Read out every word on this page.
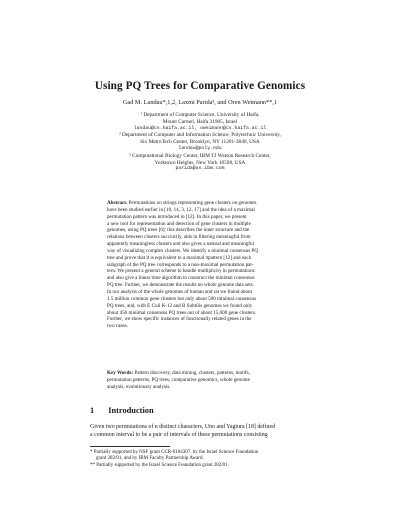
Using PQ Trees for Comparative Genomics
Gad M. Landau*,1,2, Laxmi Parida³, and Oren Weimann**,1
¹ Department of Computer Science, University of Haifa,
Mount Carmel, Haifa 31905, Israel
landau@cs.haifa.ac.il, oweimann@cs.haifa.ac.il
² Department of Computer and Information Science, Polytechnic University,
Six MetroTech Center, Brooklyn, NY 11201-3840, USA
landau@poly.edu
³ Computational Biology Center, IBM TJ Watson Research Center,
Yorktown Heights, New York 10598, USA
parida@us.ibm.com
Abstract. Permutations on strings representing gene clusters on genomes
have been studied earlier in [18, 14, 3, 12, 17] and the idea of a maximal
permutation pattern was introduced in [12]. In this paper, we present
a new tool for representation and detection of gene clusters in multiple
genomes, using PQ trees [6]: this describes the inner structure and the
relations between clusters succinctly, aids in filtering meaningful from
apparently meaningless clusters and also gives a natural and meaningful
way of visualizing complex clusters. We identify a minimal consensus PQ
tree and prove that it is equivalent to a maximal πpattern [12] and each
subgraph of the PQ tree corresponds to a non-maximal permutation pat-
tern. We present a general scheme to handle multiplicity in permutations
and also give a linear time algorithm to construct the minimal consensus
PQ tree. Further, we demonstrate the results on whole genome data sets.
In our analysis of the whole genomes of human and rat we found about
1.5 million common gene clusters but only about 500 minimal consensus
PQ trees, and, with E Coli K-12 and B Subtilis genomes we found only
about 450 minimal consensus PQ trees out of about 15,000 gene clusters.
Further, we show specific instances of functionally related genes in the
two cases.
Key Words: Pattern discovery, data mining, clusters, patterns, motifs,
permutation patterns, PQ trees, comparative genomics, whole genome
analysis, evolutionary analysis.
1 Introduction
Given two permutations of n distinct characters, Uno and Yagiura [18] defined
a common interval to be a pair of intervals of these permutations consisting
* Partially supported by NSF grant CCR-0104307, by the Israel Science Foundation
grant 282/01, and by IBM Faculty Partnership Award.
** Partially supported by the Israel Science Foundation grant 282/01.
